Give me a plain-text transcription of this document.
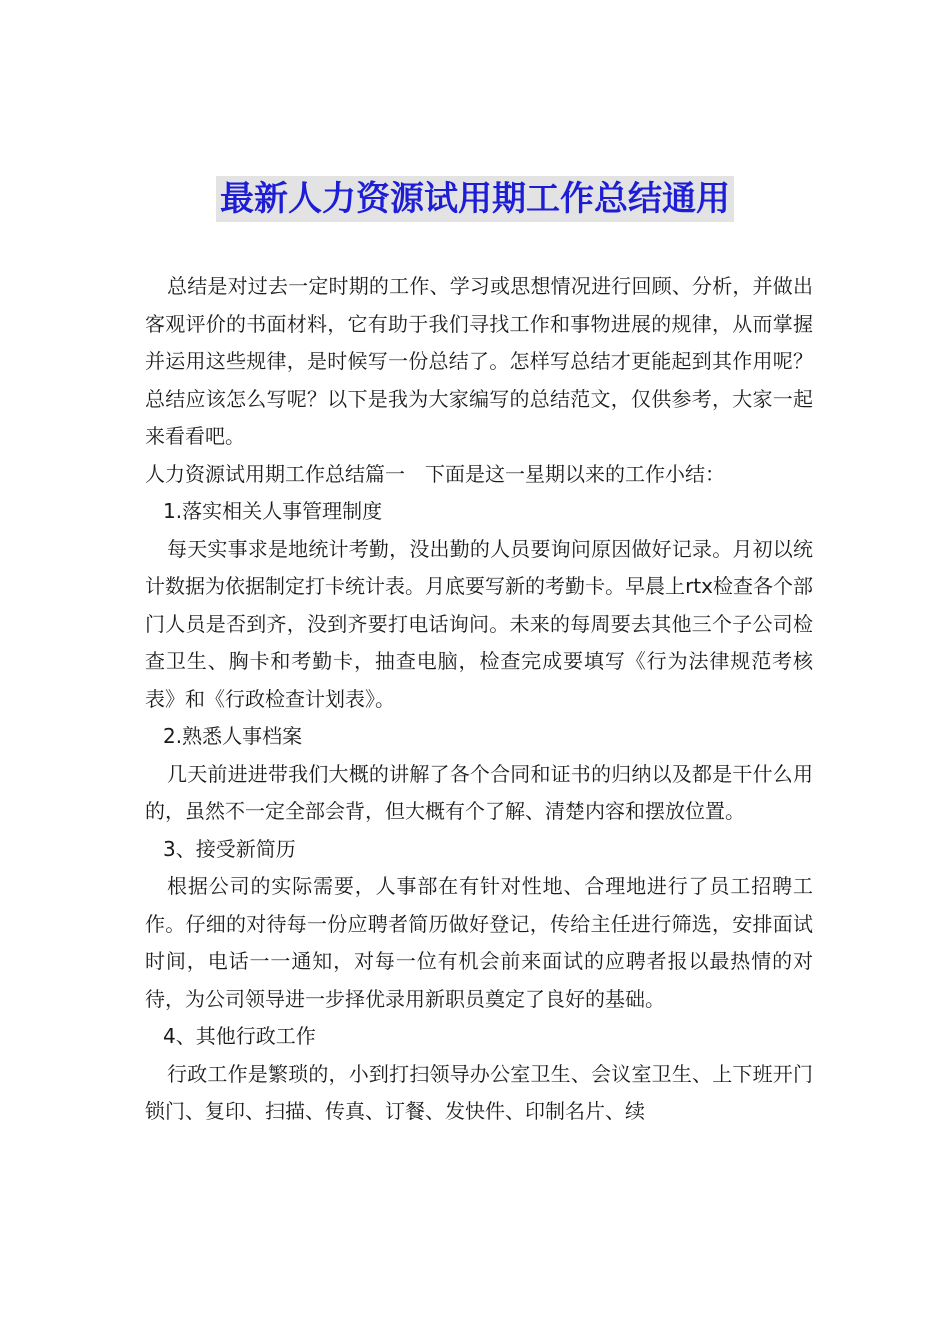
最新人力资源试用期工作总结通用

总结是对过去一定时期的工作、学习或思想情况进行回顾、分析，并做出客观评价的书面材料，它有助于我们寻找工作和事物进展的规律，从而掌握并运用这些规律，是时候写一份总结了。怎样写总结才更能起到其作用呢？总结应该怎么写呢？以下是我为大家编写的总结范文，仅供参考，大家一起来看看吧。

人力资源试用期工作总结篇一　下面是这一星期以来的工作小结：

1.落实相关人事管理制度

每天实事求是地统计考勤，没出勤的人员要询问原因做好记录。月初以统计数据为依据制定打卡统计表。月底要写新的考勤卡。早晨上rtx检查各个部门人员是否到齐，没到齐要打电话询问。未来的每周要去其他三个子公司检查卫生、胸卡和考勤卡，抽查电脑，检查完成要填写《行为法律规范考核表》和《行政检查计划表》。

2.熟悉人事档案

几天前进进带我们大概的讲解了各个合同和证书的归纳以及都是干什么用的，虽然不一定全部会背，但大概有个了解、清楚内容和摆放位置。

3、接受新简历

根据公司的实际需要，人事部在有针对性地、合理地进行了员工招聘工作。仔细的对待每一份应聘者简历做好登记，传给主任进行筛选，安排面试时间，电话一一通知，对每一位有机会前来面试的应聘者报以最热情的对待，为公司领导进一步择优录用新职员奠定了良好的基础。

4、其他行政工作

行政工作是繁琐的，小到打扫领导办公室卫生、会议室卫生、上下班开门锁门、复印、扫描、传真、订餐、发快件、印制名片、续
